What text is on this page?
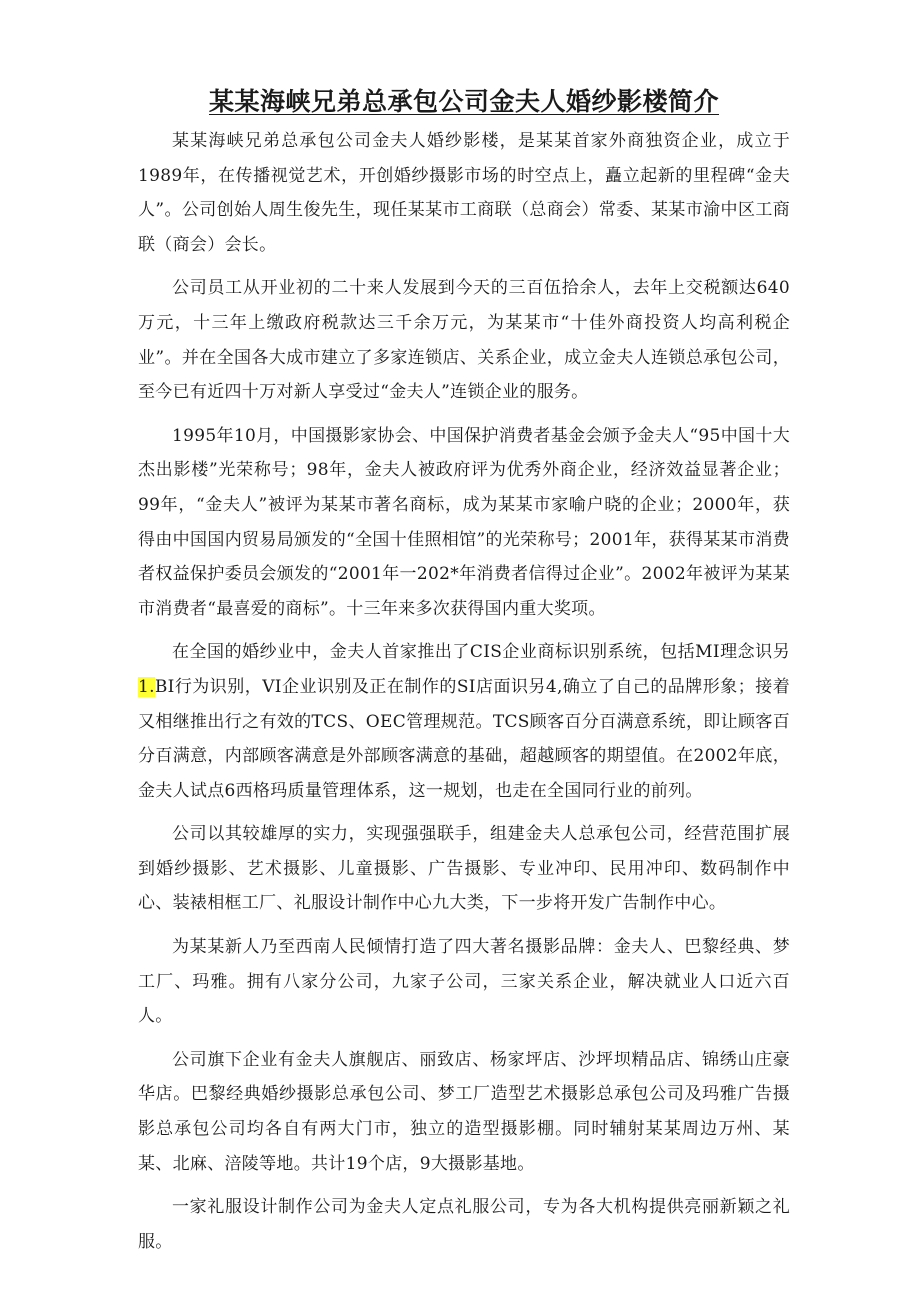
某某海峡兄弟总承包公司金夫人婚纱影楼简介

某某海峡兄弟总承包公司金夫人婚纱影楼，是某某首家外商独资企业，成立于1989年，在传播视觉艺术，开创婚纱摄影市场的时空点上，矗立起新的里程碑“金夫人”。公司创始人周生俊先生，现任某某市工商联（总商会）常委、某某市渝中区工商联（商会）会长。

公司员工从开业初的二十来人发展到今天的三百伍拾余人，去年上交税额达640万元，十三年上缴政府税款达三千余万元，为某某市“十佳外商投资人均高利税企业”。并在全国各大成市建立了多家连锁店、关系企业，成立金夫人连锁总承包公司，至今已有近四十万对新人享受过“金夫人”连锁企业的服务。

1995年10月，中国摄影家协会、中国保护消费者基金会颁予金夫人“95中国十大杰出影楼”光荣称号；98年，金夫人被政府评为优秀外商企业，经济效益显著企业；99年，“金夫人”被评为某某市著名商标，成为某某市家喻户晓的企业；2000年，获得由中国国内贸易局颁发的“全国十佳照相馆”的光荣称号；2001年，获得某某市消费者权益保护委员会颁发的“2001年一202*年消费者信得过企业”。2002年被评为某某市消费者“最喜爱的商标”。十三年来多次获得国内重大奖项。

在全国的婚纱业中，金夫人首家推出了CIS企业商标识别系统，包括MI理念识另1.BI行为识别，VI企业识别及正在制作的SI店面识另4,确立了自己的品牌形象；接着又相继推出行之有效的TCS、OEC管理规范。TCS顾客百分百满意系统，即让顾客百分百满意，内部顾客满意是外部顾客满意的基础，超越顾客的期望值。在2002年底，金夫人试点6西格玛质量管理体系，这一规划，也走在全国同行业的前列。

公司以其较雄厚的实力，实现强强联手，组建金夫人总承包公司，经营范围扩展到婚纱摄影、艺术摄影、儿童摄影、广告摄影、专业冲印、民用冲印、数码制作中心、装裱相框工厂、礼服设计制作中心九大类，下一步将开发广告制作中心。

为某某新人乃至西南人民倾情打造了四大著名摄影品牌：金夫人、巴黎经典、梦工厂、玛雅。拥有八家分公司，九家子公司，三家关系企业，解决就业人口近六百人。

公司旗下企业有金夫人旗舰店、丽致店、杨家坪店、沙坪坝精品店、锦绣山庄豪华店。巴黎经典婚纱摄影总承包公司、梦工厂造型艺术摄影总承包公司及玛雅广告摄影总承包公司均各自有两大门市，独立的造型摄影棚。同时辅射某某周边万州、某某、北麻、涪陵等地。共计19个店，9大摄影基地。

一家礼服设计制作公司为金夫人定点礼服公司，专为各大机构提供亮丽新颖之礼服。
